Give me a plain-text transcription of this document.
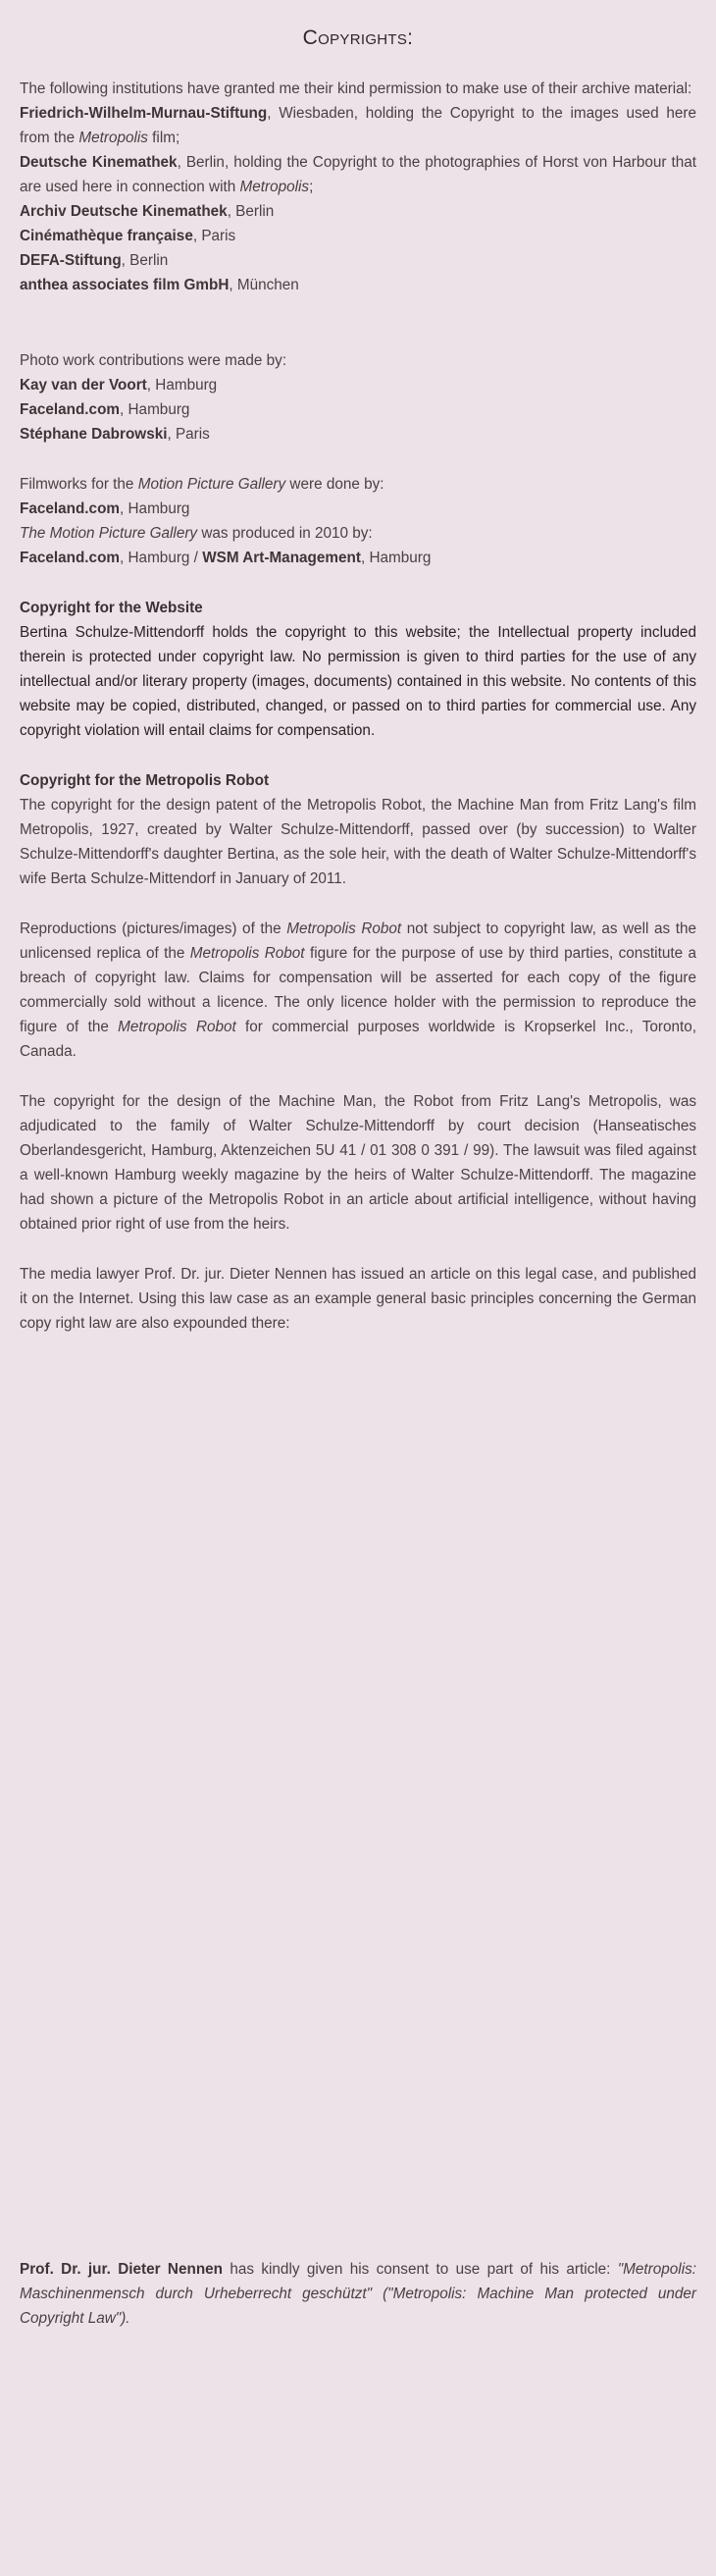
Copyrights:

The following institutions have granted me their kind permission to make use of their archive material:

Friedrich-Wilhelm-Murnau-Stiftung, Wiesbaden, holding the Copyright to the images used here from the Metropolis film;

Deutsche Kinemathek, Berlin, holding the Copyright to the photographies of Horst von Harbour that are used here in connection with Metropolis;

Archiv Deutsche Kinemathek, Berlin

Cinémathèque française, Paris

DEFA-Stiftung, Berlin

anthea associates film GmbH, München

Photo work contributions were made by:

Kay van der Voort, Hamburg

Faceland.com, Hamburg

Stéphane Dabrowski, Paris

Filmworks for the Motion Picture Gallery were done by:

Faceland.com, Hamburg

The Motion Picture Gallery was produced in 2010 by:

Faceland.com, Hamburg / WSM Art-Management, Hamburg

Copyright for the Website

Bertina Schulze-Mittendorff holds the copyright to this website; the Intellectual property included therein is protected under copyright law. No permission is given to third parties for the use of any intellectual and/or literary property (images, documents) contained in this website. No contents of this website may be copied, distributed, changed, or passed on to third parties for commercial use. Any copyright violation will entail claims for compensation.

Copyright for the Metropolis Robot

The copyright for the design patent of the Metropolis Robot, the Machine Man from Fritz Lang's film Metropolis, 1927, created by Walter Schulze-Mittendorff, passed over (by succession) to Walter Schulze-Mittendorff's daughter Bertina, as the sole heir, with the death of Walter Schulze-Mittendorff's wife Berta Schulze-Mittendorf in January of 2011.

Reproductions (pictures/images) of the Metropolis Robot not subject to copyright law, as well as the unlicensed replica of the Metropolis Robot figure for the purpose of use by third parties, constitute a breach of copyright law. Claims for compensation will be asserted for each copy of the figure commercially sold without a licence. The only licence holder with the permission to reproduce the figure of the Metropolis Robot for commercial purposes worldwide is Kropserkel Inc., Toronto, Canada.

The copyright for the design of the Machine Man, the Robot from Fritz Lang's Metropolis, was adjudicated to the family of Walter Schulze-Mittendorff by court decision (Hanseatisches Oberlandesgericht, Hamburg, Aktenzeichen 5U 41 / 01 308 0 391 / 99). The lawsuit was filed against a well-known Hamburg weekly magazine by the heirs of Walter Schulze-Mittendorff. The magazine had shown a picture of the Metropolis Robot in an article about artificial intelligence, without having obtained prior right of use from the heirs.

The media lawyer Prof. Dr. jur. Dieter Nennen has issued an article on this legal case, and published it on the Internet. Using this law case as an example general basic principles concerning the German copy right law are also expounded there:

Prof. Dr. jur. Dieter Nennen has kindly given his consent to use part of his article: "Metropolis: Maschinenmensch durch Urheberrecht geschützt" ("Metropolis: Machine Man protected under Copyright Law").
